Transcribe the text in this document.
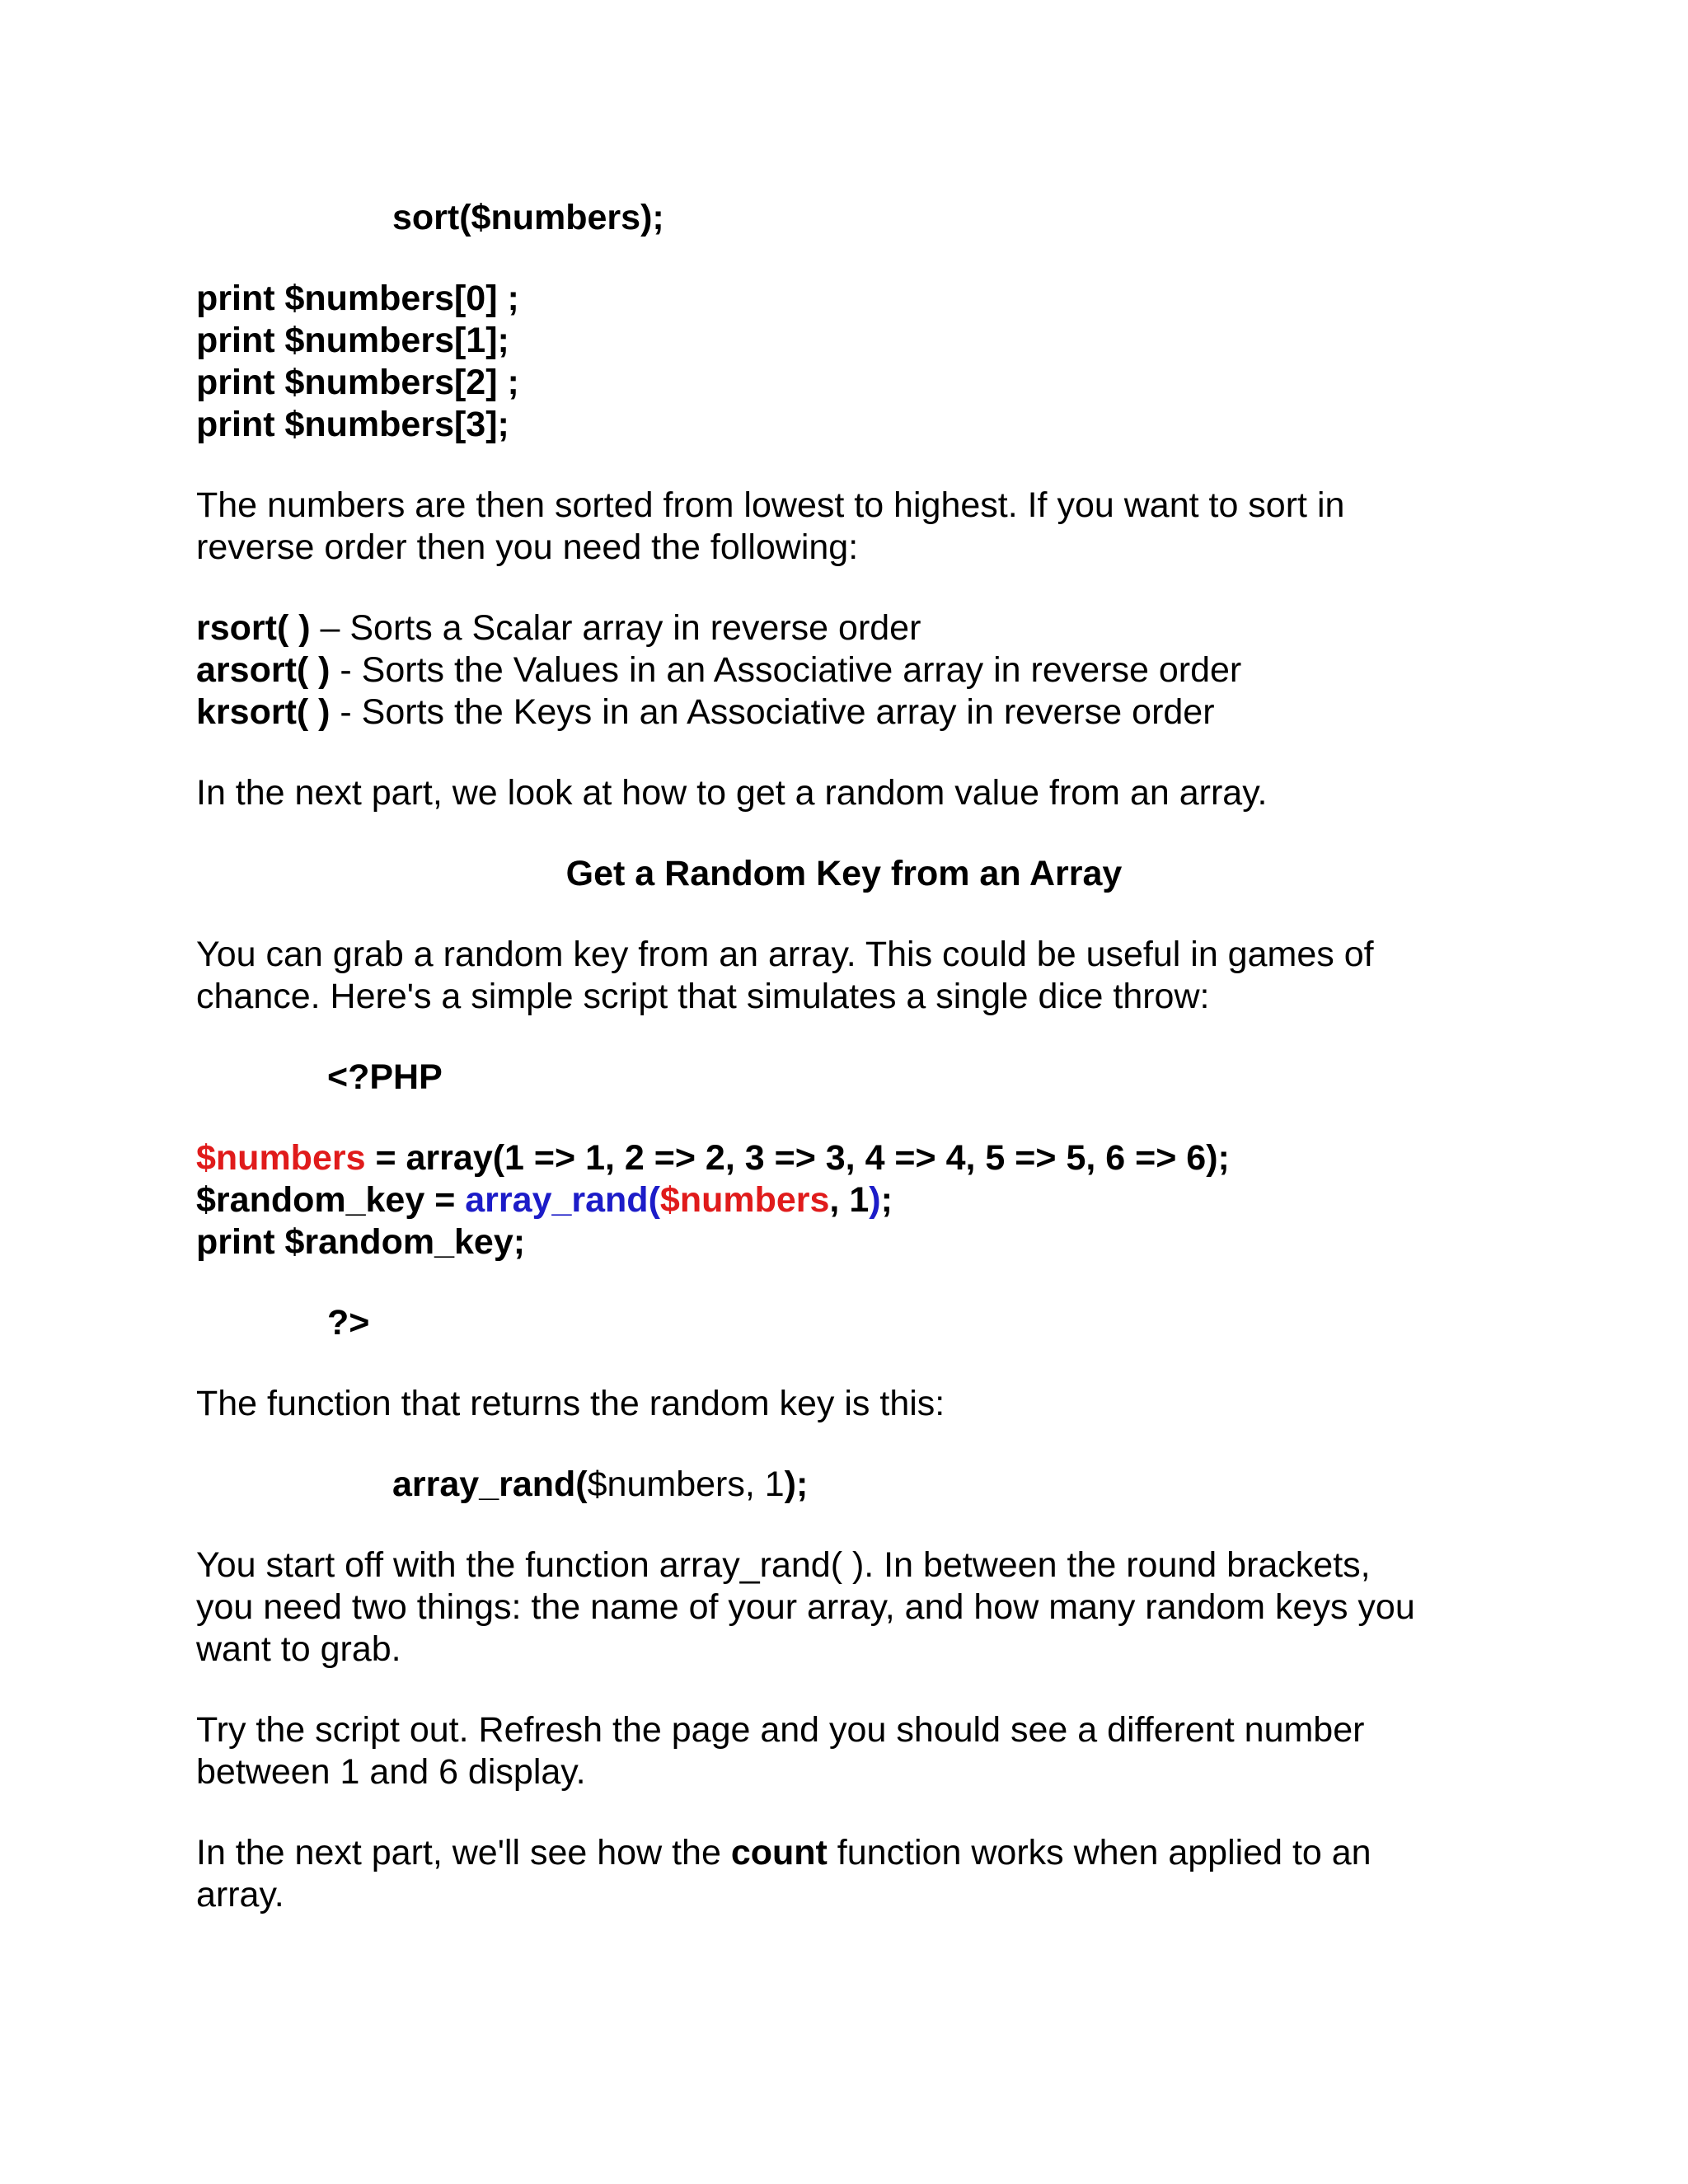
sort($numbers);
print $numbers[0] ;
print $numbers[1];
print $numbers[2] ;
print $numbers[3];
The numbers are then sorted from lowest to highest. If you want to sort in
reverse order then you need the following:
rsort( ) – Sorts a Scalar array in reverse order
arsort( ) - Sorts the Values in an Associative array in reverse order
krsort( ) - Sorts the Keys in an Associative array in reverse order
In the next part, we look at how to get a random value from an array.
Get a Random Key from an Array
You can grab a random key from an array. This could be useful in games of
chance. Here's a simple script that simulates a single dice throw:
<?PHP
$numbers = array(1 => 1, 2 => 2, 3 => 3, 4 => 4, 5 => 5, 6 => 6);
$random_key = array_rand($numbers, 1);
print $random_key;
?>
The function that returns the random key is this:
array_rand($numbers, 1);
You start off with the function array_rand( ). In between the round brackets,
you need two things: the name of your array, and how many random keys you
want to grab.
Try the script out. Refresh the page and you should see a different number
between 1 and 6 display.
In the next part, we'll see how the count function works when applied to an
array.
